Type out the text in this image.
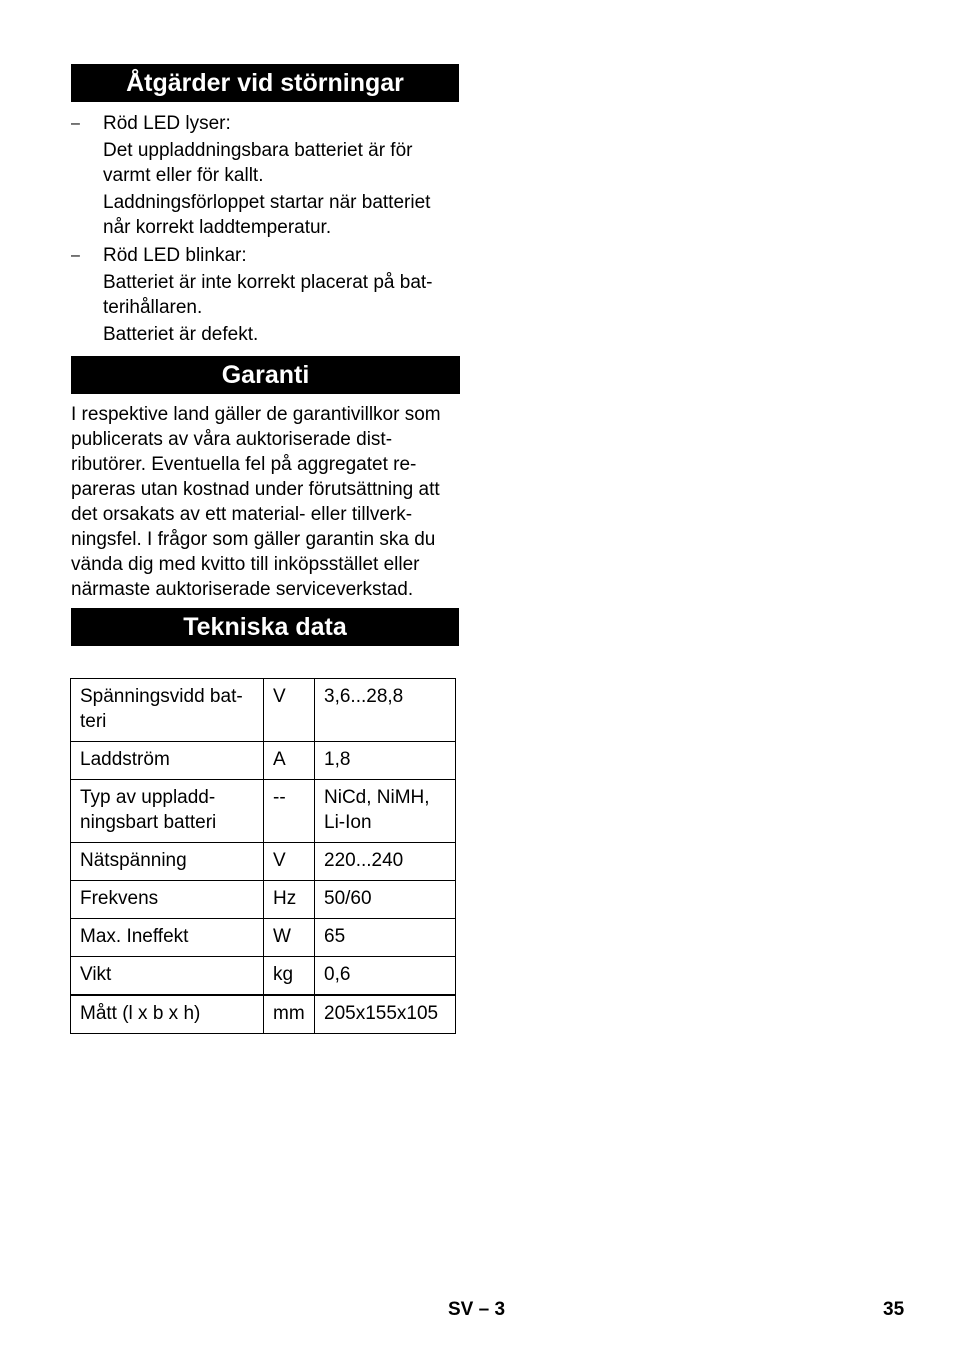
Åtgärder vid störningar
– Röd LED lyser:
Det uppladdningsbara batteriet är för varmt eller för kallt.
Laddningsförloppet startar när batteriet når korrekt laddtemperatur.
– Röd LED blinkar:
Batteriet är inte korrekt placerat på bat-terihållaren.
Batteriet är defekt.
Garanti
I respektive land gäller de garantivillkor som publicerats av våra auktoriserade dist-ributörer. Eventuella fel på aggregatet re-pareras utan kostnad under förutsättning att det orsakats av ett material- eller tillverk-ningsfel. I frågor som gäller garantin ska du vända dig med kvitto till inköpsstället eller närmaste auktoriserade serviceverkstad.
Tekniska data
Spänningsvidd bat-teri	V	3,6...28,8
Laddström	A	1,8
Typ av uppladd-ningsbart batteri	--	NiCd, NiMH, Li-Ion
Nätspänning	V	220...240
Frekvens	Hz	50/60
Max. Ineffekt	W	65
Vikt	kg	0,6
Mått (l x b x h)	mm	205x155x105
SV – 3	35
